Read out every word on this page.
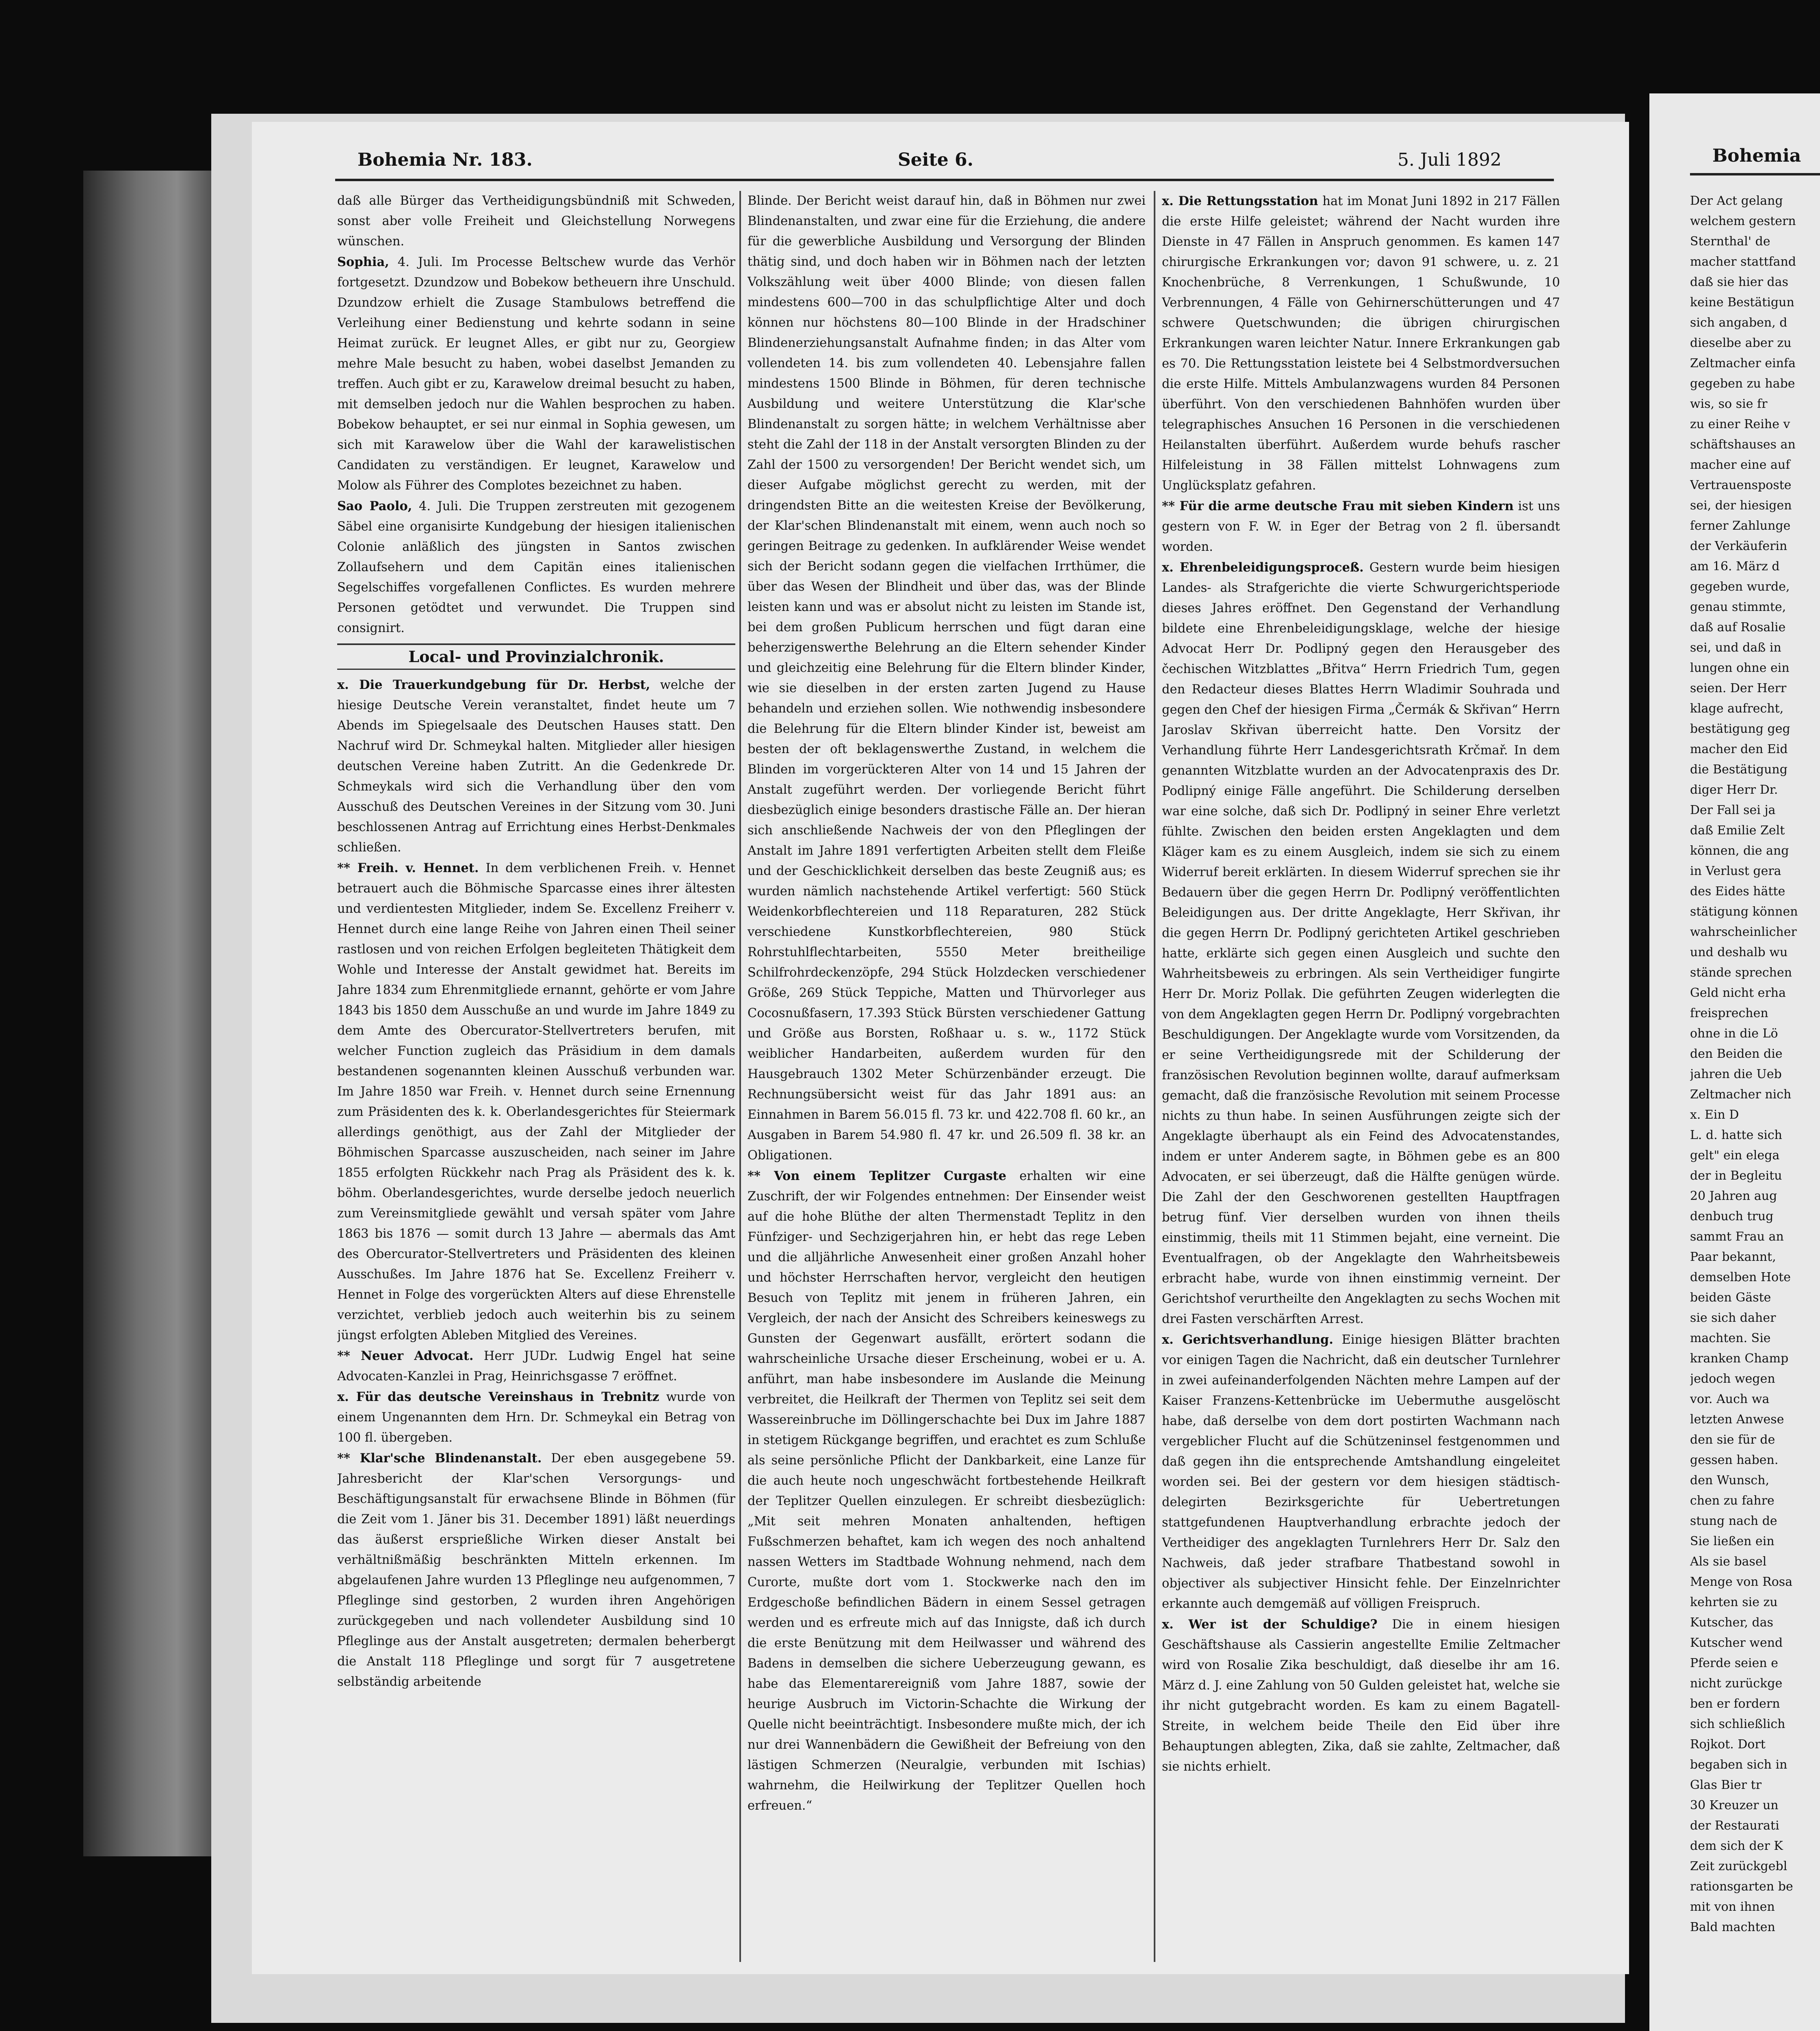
Bohemia Nr. 183.	Seite 6.	5. Juli 1892	Bohemia

daß alle Bürger das Vertheidigungsbündniß mit Schweden, sonst aber volle Freiheit und Gleichstellung Norwegens wünschen.

Sophia, 4. Juli. Im Processe Beltschew wurde das Verhör fortgesetzt. Dzundzow und Bobekow betheuern ihre Unschuld. Dzundzow erhielt die Zusage Stambulows betreffend die Verleihung einer Bedienstung und kehrte sodann in seine Heimat zurück. Er leugnet Alles, er gibt nur zu, Georgiew mehre Male besucht zu haben, wobei daselbst Jemanden zu treffen. Auch gibt er zu, Karawelow dreimal besucht zu haben, mit demselben jedoch nur die Wahlen besprochen zu haben. Bobekow behauptet, er sei nur einmal in Sophia gewesen, um sich mit Karawelow über die Wahl der karawelistischen Candidaten zu verständigen. Er leugnet, Karawelow und Molow als Führer des Complotes bezeichnet zu haben.

Sao Paolo, 4. Juli. Die Truppen zerstreuten mit gezogenem Säbel eine organisirte Kundgebung der hiesigen italienischen Colonie anläßlich des jüngsten in Santos zwischen Zollaufsehern und dem Capitän eines italienischen Segelschiffes vorgefallenen Conflictes. Es wurden mehrere Personen getödtet und verwundet. Die Truppen sind consignirt.

Local- und Provinzialchronik.

x. Die Trauerkundgebung für Dr. Herbst, welche der hiesige Deutsche Verein veranstaltet, findet heute um 7 Abends im Spiegelsaale des Deutschen Hauses statt. Den Nachruf wird Dr. Schmeykal halten. Mitglieder aller hiesigen deutschen Vereine haben Zutritt. An die Gedenkrede Dr. Schmeykals wird sich die Verhandlung über den vom Ausschuß des Deutschen Vereines in der Sitzung vom 30. Juni beschlossenen Antrag auf Errichtung eines Herbst-Denkmales schließen.

** Freih. v. Hennet. In dem verblichenen Freih. v. Hennet betrauert auch die Böhmische Sparcasse eines ihrer ältesten und verdientesten Mitglieder, indem Se. Excellenz Freiherr v. Hennet durch eine lange Reihe von Jahren einen Theil seiner rastlosen und von reichen Erfolgen begleiteten Thätigkeit dem Wohle und Interesse der Anstalt gewidmet hat. Bereits im Jahre 1834 zum Ehrenmitgliede ernannt, gehörte er vom Jahre 1843 bis 1850 dem Ausschuße an und wurde im Jahre 1849 zu dem Amte des Obercurator-Stellvertreters berufen, mit welcher Function zugleich das Präsidium in dem damals bestandenen sogenannten kleinen Ausschuß verbunden war. Im Jahre 1850 war Freih. v. Hennet durch seine Ernennung zum Präsidenten des k. k. Oberlandesgerichtes für Steiermark allerdings genöthigt, aus der Zahl der Mitglieder der Böhmischen Sparcasse auszuscheiden, nach seiner im Jahre 1855 erfolgten Rückkehr nach Prag als Präsident des k. k. böhm. Oberlandesgerichtes, wurde derselbe jedoch neuerlich zum Vereinsmitgliede gewählt und versah später vom Jahre 1863 bis 1876 — somit durch 13 Jahre — abermals das Amt des Obercurator-Stellvertreters und Präsidenten des kleinen Ausschußes. Im Jahre 1876 hat Se. Excellenz Freiherr v. Hennet in Folge des vorgerückten Alters auf diese Ehrenstelle verzichtet, verblieb jedoch auch weiterhin bis zu seinem jüngst erfolgten Ableben Mitglied des Vereines.

** Neuer Advocat. Herr JUDr. Ludwig Engel hat seine Advocaten-Kanzlei in Prag, Heinrichsgasse 7 eröffnet.

x. Für das deutsche Vereinshaus in Trebnitz wurde von einem Ungenannten dem Hrn. Dr. Schmeykal ein Betrag von 100 fl. übergeben.

** Klar'sche Blindenanstalt. Der eben ausgegebene 59. Jahresbericht der Klar'schen Versorgungs- und Beschäftigungsanstalt für erwachsene Blinde in Böhmen (für die Zeit vom 1. Jäner bis 31. December 1891) läßt neuerdings das äußerst ersprießliche Wirken dieser Anstalt bei verhältnißmäßig beschränkten Mitteln erkennen. Im abgelaufenen Jahre wurden 13 Pfleglinge neu aufgenommen, 7 Pfleglinge sind gestorben, 2 wurden ihren Angehörigen zurückgegeben und nach vollendeter Ausbildung sind 10 Pfleglinge aus der Anstalt ausgetreten; dermalen beherbergt die Anstalt 118 Pfleglinge und sorgt für 7 ausgetretene selbständig arbeitende

Blinde. Der Bericht weist darauf hin, daß in Böhmen nur zwei Blindenanstalten, und zwar eine für die Erziehung, die andere für die gewerbliche Ausbildung und Versorgung der Blinden thätig sind, und doch haben wir in Böhmen nach der letzten Volkszählung weit über 4000 Blinde; von diesen fallen mindestens 600—700 in das schulpflichtige Alter und doch können nur höchstens 80—100 Blinde in der Hradschiner Blindenerziehungsanstalt Aufnahme finden; in das Alter vom vollendeten 14. bis zum vollendeten 40. Lebensjahre fallen mindestens 1500 Blinde in Böhmen, für deren technische Ausbildung und weitere Unterstützung die Klar'sche Blindenanstalt zu sorgen hätte; in welchem Verhältnisse aber steht die Zahl der 118 in der Anstalt versorgten Blinden zu der Zahl der 1500 zu versorgenden! Der Bericht wendet sich, um dieser Aufgabe möglichst gerecht zu werden, mit der dringendsten Bitte an die weitesten Kreise der Bevölkerung, der Klar'schen Blindenanstalt mit einem, wenn auch noch so geringen Beitrage zu gedenken. In aufklärender Weise wendet sich der Bericht sodann gegen die vielfachen Irrthümer, die über das Wesen der Blindheit und über das, was der Blinde leisten kann und was er absolut nicht zu leisten im Stande ist, bei dem großen Publicum herrschen und fügt daran eine beherzigenswerthe Belehrung an die Eltern sehender Kinder und gleichzeitig eine Belehrung für die Eltern blinder Kinder, wie sie dieselben in der ersten zarten Jugend zu Hause behandeln und erziehen sollen. Wie nothwendig insbesondere die Belehrung für die Eltern blinder Kinder ist, beweist am besten der oft beklagenswerthe Zustand, in welchem die Blinden im vorgerückteren Alter von 14 und 15 Jahren der Anstalt zugeführt werden. Der vorliegende Bericht führt diesbezüglich einige besonders drastische Fälle an. Der hieran sich anschließende Nachweis der von den Pfleglingen der Anstalt im Jahre 1891 verfertigten Arbeiten stellt dem Fleiße und der Geschicklichkeit derselben das beste Zeugniß aus; es wurden nämlich nachstehende Artikel verfertigt: 560 Stück Weidenkorbflechtereien und 118 Reparaturen, 282 Stück verschiedene Kunstkorbflechtereien, 980 Stück Rohrstuhlflechtarbeiten, 5550 Meter breitheilige Schilfrohrdeckenzöpfe, 294 Stück Holzdecken verschiedener Größe, 269 Stück Teppiche, Matten und Thürvorleger aus Cocosnußfasern, 17.393 Stück Bürsten verschiedener Gattung und Größe aus Borsten, Roßhaar u. s. w., 1172 Stück weiblicher Handarbeiten, außerdem wurden für den Hausgebrauch 1302 Meter Schürzenbänder erzeugt. Die Rechnungsübersicht weist für das Jahr 1891 aus: an Einnahmen in Barem 56.015 fl. 73 kr. und 422.708 fl. 60 kr., an Ausgaben in Barem 54.980 fl. 47 kr. und 26.509 fl. 38 kr. an Obligationen.

** Von einem Teplitzer Curgaste erhalten wir eine Zuschrift, der wir Folgendes entnehmen: Der Einsender weist auf die hohe Blüthe der alten Thermenstadt Teplitz in den Fünfziger- und Sechzigerjahren hin, er hebt das rege Leben und die alljährliche Anwesenheit einer großen Anzahl hoher und höchster Herrschaften hervor, vergleicht den heutigen Besuch von Teplitz mit jenem in früheren Jahren, ein Vergleich, der nach der Ansicht des Schreibers keineswegs zu Gunsten der Gegenwart ausfällt, erörtert sodann die wahrscheinliche Ursache dieser Erscheinung, wobei er u. A. anführt, man habe insbesondere im Auslande die Meinung verbreitet, die Heilkraft der Thermen von Teplitz sei seit dem Wassereinbruche im Döllingerschachte bei Dux im Jahre 1887 in stetigem Rückgange begriffen, und erachtet es zum Schluße als seine persönliche Pflicht der Dankbarkeit, eine Lanze für die auch heute noch ungeschwächt fortbestehende Heilkraft der Teplitzer Quellen einzulegen. Er schreibt diesbezüglich: „Mit seit mehren Monaten anhaltenden, heftigen Fußschmerzen behaftet, kam ich wegen des noch anhaltend nassen Wetters im Stadtbade Wohnung nehmend, nach dem Curorte, mußte dort vom 1. Stockwerke nach den im Erdgeschoße befindlichen Bädern in einem Sessel getragen werden und es erfreute mich auf das Innigste, daß ich durch die erste Benützung mit dem Heilwasser und während des Badens in demselben die sichere Ueberzeugung gewann, es habe das Elementarereigniß vom Jahre 1887, sowie der heurige Ausbruch im Victorin-Schachte die Wirkung der Quelle nicht beeinträchtigt. Insbesondere mußte mich, der ich nur drei Wannenbädern die Gewißheit der Befreiung von den lästigen Schmerzen (Neuralgie, verbunden mit Ischias) wahrnehm, die Heilwirkung der Teplitzer Quellen hoch erfreuen.“

x. Die Rettungsstation hat im Monat Juni 1892 in 217 Fällen die erste Hilfe geleistet; während der Nacht wurden ihre Dienste in 47 Fällen in Anspruch genommen. Es kamen 147 chirurgische Erkrankungen vor; davon 91 schwere, u. z. 21 Knochenbrüche, 8 Verrenkungen, 1 Schußwunde, 10 Verbrennungen, 4 Fälle von Gehirnerschütterungen und 47 schwere Quetschwunden; die übrigen chirurgischen Erkrankungen waren leichter Natur. Innere Erkrankungen gab es 70. Die Rettungsstation leistete bei 4 Selbstmordversuchen die erste Hilfe. Mittels Ambulanzwagens wurden 84 Personen überführt. Von den verschiedenen Bahnhöfen wurden über telegraphisches Ansuchen 16 Personen in die verschiedenen Heilanstalten überführt. Außerdem wurde behufs rascher Hilfeleistung in 38 Fällen mittelst Lohnwagens zum Unglücksplatz gefahren.

** Für die arme deutsche Frau mit sieben Kindern ist uns gestern von F. W. in Eger der Betrag von 2 fl. übersandt worden.

x. Ehrenbeleidigungsproceß. Gestern wurde beim hiesigen Landes- als Strafgerichte die vierte Schwurgerichtsperiode dieses Jahres eröffnet. Den Gegenstand der Verhandlung bildete eine Ehrenbeleidigungsklage, welche der hiesige Advocat Herr Dr. Podlipný gegen den Herausgeber des čechischen Witzblattes „Břitva“ Herrn Friedrich Tum, gegen den Redacteur dieses Blattes Herrn Wladimir Souhrada und gegen den Chef der hiesigen Firma „Čermák & Skřivan“ Herrn Jaroslav Skřivan überreicht hatte. Den Vorsitz der Verhandlung führte Herr Landesgerichtsrath Krčmař. In dem genannten Witzblatte wurden an der Advocatenpraxis des Dr. Podlipný einige Fälle angeführt. Die Schilderung derselben war eine solche, daß sich Dr. Podlipný in seiner Ehre verletzt fühlte. Zwischen den beiden ersten Angeklagten und dem Kläger kam es zu einem Ausgleich, indem sie sich zu einem Widerruf bereit erklärten. In diesem Widerruf sprechen sie ihr Bedauern über die gegen Herrn Dr. Podlipný veröffentlichten Beleidigungen aus. Der dritte Angeklagte, Herr Skřivan, ihr die gegen Herrn Dr. Podlipný gerichteten Artikel geschrieben hatte, erklärte sich gegen einen Ausgleich und suchte den Wahrheitsbeweis zu erbringen. Als sein Vertheidiger fungirte Herr Dr. Moriz Pollak. Die geführten Zeugen widerlegten die von dem Angeklagten gegen Herrn Dr. Podlipný vorgebrachten Beschuldigungen. Der Angeklagte wurde vom Vorsitzenden, da er seine Vertheidigungsrede mit der Schilderung der französischen Revolution beginnen wollte, darauf aufmerksam gemacht, daß die französische Revolution mit seinem Processe nichts zu thun habe. In seinen Ausführungen zeigte sich der Angeklagte überhaupt als ein Feind des Advocatenstandes, indem er unter Anderem sagte, in Böhmen gebe es an 800 Advocaten, er sei überzeugt, daß die Hälfte genügen würde. Die Zahl der den Geschworenen gestellten Hauptfragen betrug fünf. Vier derselben wurden von ihnen theils einstimmig, theils mit 11 Stimmen bejaht, eine verneint. Die Eventualfragen, ob der Angeklagte den Wahrheitsbeweis erbracht habe, wurde von ihnen einstimmig verneint. Der Gerichtshof verurtheilte den Angeklagten zu sechs Wochen mit drei Fasten verschärften Arrest.

x. Gerichtsverhandlung. Einige hiesigen Blätter brachten vor einigen Tagen die Nachricht, daß ein deutscher Turnlehrer in zwei aufeinanderfolgenden Nächten mehre Lampen auf der Kaiser Franzens-Kettenbrücke im Uebermuthe ausgelöscht habe, daß derselbe von dem dort postirten Wachmann nach vergeblicher Flucht auf die Schützeninsel festgenommen und daß gegen ihn die entsprechende Amtshandlung eingeleitet worden sei. Bei der gestern vor dem hiesigen städtisch-delegirten Bezirksgerichte für Uebertretungen stattgefundenen Hauptverhandlung erbrachte jedoch der Vertheidiger des angeklagten Turnlehrers Herr Dr. Salz den Nachweis, daß jeder strafbare Thatbestand sowohl in objectiver als subjectiver Hinsicht fehle. Der Einzelnrichter erkannte auch demgemäß auf völligen Freispruch.

x. Wer ist der Schuldige? Die in einem hiesigen Geschäftshause als Cassierin angestellte Emilie Zeltmacher wird von Rosalie Zika beschuldigt, daß dieselbe ihr am 16. März d. J. eine Zahlung von 50 Gulden geleistet hat, welche sie ihr nicht gutgebracht worden. Es kam zu einem Bagatell-Streite, in welchem beide Theile den Eid über ihre Behauptungen ablegten, Zika, daß sie zahlte, Zeltmacher, daß sie nichts erhielt.

Der Act gelang
welchem gestern
Sternthal' de
macher stattfand
daß sie hier das
keine Bestätigun
sich angaben, d
dieselbe aber zu
Zeltmacher einfa
gegeben zu habe
wis, so sie fr
zu einer Reihe v
schäftshauses an
macher eine auf
Vertrauensposte
sei, der hiesigen
ferner Zahlunge
der Verkäuferin
am 16. März d
gegeben wurde,
genau stimmte,
daß auf Rosalie
sei, und daß in
lungen ohne ein
seien. Der Herr
klage aufrecht,
bestätigung geg
macher den Eid
die Bestätigung
diger Herr Dr.
Der Fall sei ja
daß Emilie Zelt
können, die ang
in Verlust gera
des Eides hätte
stätigung können
wahrscheinlicher
und deshalb wu
stände sprechen
Geld nicht erha
freisprechen
ohne in die Lö
den Beiden die
jahren die Ueb
Zeltmacher nich
x. Ein D
L. d. hatte sich
gelt" ein elega
der in Begleitu
20 Jahren aug
denbuch trug
sammt Frau an
Paar bekannt,
demselben Hote
beiden Gäste
sie sich daher
machten. Sie
kranken Champ
jedoch wegen
vor. Auch wa
letzten Anwese
den sie für de
gessen haben.
den Wunsch,
chen zu fahre
stung nach de
Sie ließen ein
Als sie basel
Menge von Rosa
kehrten sie zu
Kutscher, das
Kutscher wend
Pferde seien e
nicht zurückge
ben er fordern
sich schließlich
Rojkot. Dort
begaben sich in
Glas Bier tr
30 Kreuzer un
der Restaurati
dem sich der K
Zeit zurückgebl
rationsgarten be
mit von ihnen
Bald machten
